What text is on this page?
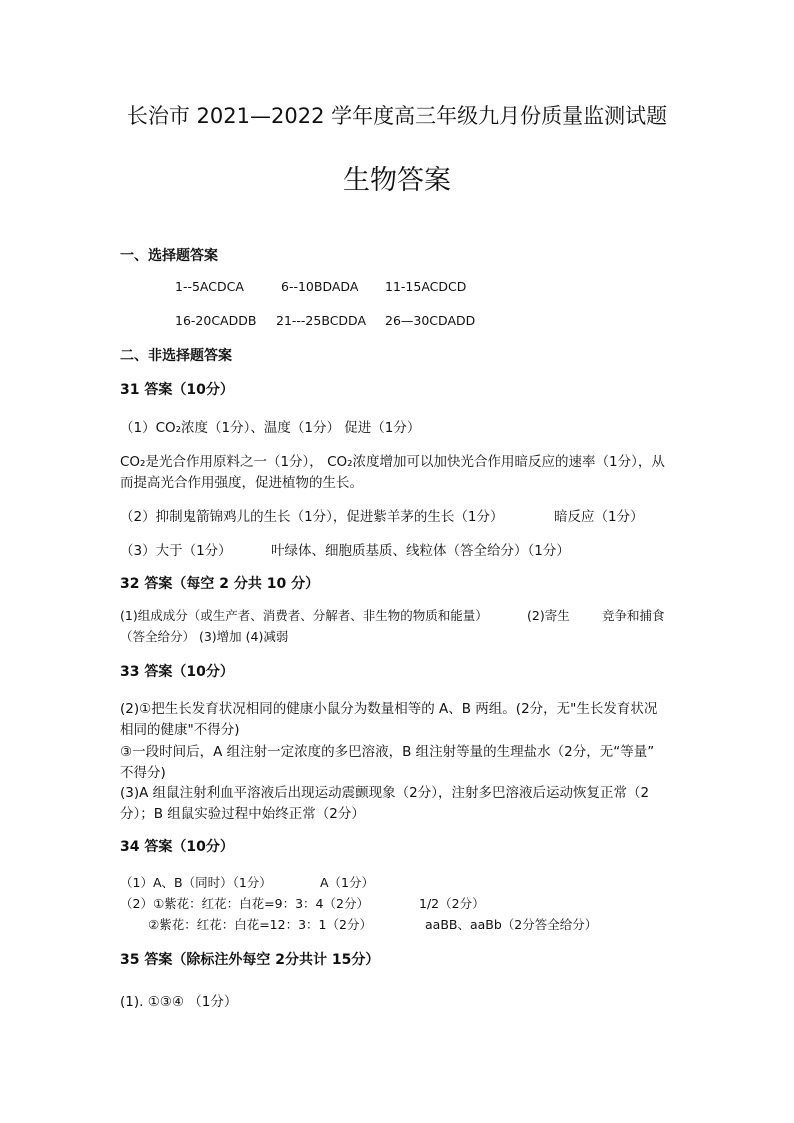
长治市 2021—2022 学年度高三年级九月份质量监测试题
生物答案
一、选择题答案
1--5ACDCA	6--10BDADA 11-15ACDCD
16-20CADDB 21---25BCDDA 26—30CDADD
二、非选择题答案
31 答案（10分）
（1）CO₂浓度（1分）、温度（1分） 促进（1分）
CO₂是光合作用原料之一（1分）， CO₂浓度增加可以加快光合作用暗反应的速率（1分），从
而提高光合作用强度，促进植物的生长。
（2）抑制鬼箭锦鸡儿的生长（1分），促进紫羊茅的生长（1分）	暗反应（1分）
（3）大于（1分）	叶绿体、细胞质基质、线粒体（答全给分）（1分）
32 答案（每空 2 分共 10 分）
(1)组成成分（或生产者、消费者、分解者、非生物的物质和能量）	(2)寄生	竞争和捕食
（答全给分） (3)增加 (4)减弱
33 答案（10分）
(2)①把生长发育状况相同的健康小鼠分为数量相等的 A、B 两组。(2分，无"生长发育状况
相同的健康"不得分)
③一段时间后，A 组注射一定浓度的多巴溶液，B 组注射等量的生理盐水（2分，无“等量”
不得分)
(3)A 组鼠注射利血平溶液后出现运动震颤现象（2分），注射多巴溶液后运动恢复正常（2
分）；B 组鼠实验过程中始终正常（2分）
34 答案（10分）
（1）A、B（同时）（1分）	A（1分）
（2）①紫花：红花：白花=9：3：4（2分）	1/2（2分）
②紫花：红花：白花=12：3：1（2分）	aaBB、aaBb（2分答全给分）
35 答案（除标注外每空 2分共计 15分）
(1). ①③④ （1分）
